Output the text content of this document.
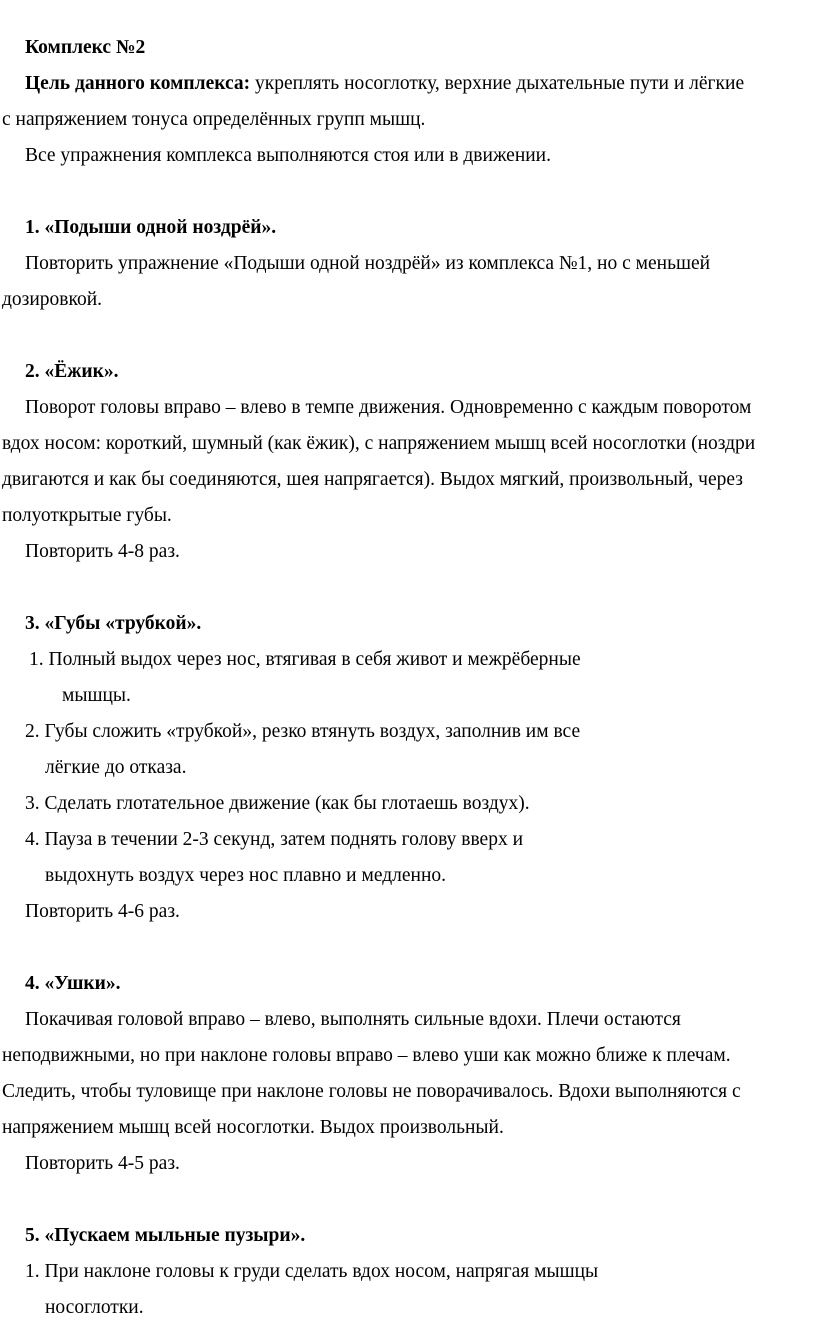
Комплекс №2

Цель данного комплекса: укреплять носоглотку, верхние дыхательные пути и лёгкие

с напряжением тонуса определённых групп мышц.

Все упражнения комплекса выполняются стоя или в движении.

1. «Подыши одной ноздрёй».

Повторить упражнение «Подыши одной ноздрёй» из комплекса №1, но с меньшей

дозировкой.

2. «Ёжик».

Поворот головы вправо – влево в темпе движения. Одновременно с каждым поворотом

вдох носом: короткий, шумный (как ёжик), с напряжением мышц всей носоглотки (ноздри

двигаются и как бы соединяются, шея напрягается). Выдох мягкий, произвольный, через

полуоткрытые губы.

Повторить 4-8 раз.

3. «Губы «трубкой».

1. Полный выдох через нос, втягивая в себя живот и межрёберные

мышцы.

2. Губы сложить «трубкой», резко втянуть воздух, заполнив им все

лёгкие до отказа.

3. Сделать глотательное движение (как бы глотаешь воздух).

4. Пауза в течении 2-3 секунд, затем поднять голову вверх и

выдохнуть воздух через нос плавно и медленно.

Повторить 4-6 раз.

4. «Ушки».

Покачивая головой вправо – влево, выполнять сильные вдохи. Плечи остаются

неподвижными, но при наклоне головы вправо – влево уши как можно ближе к плечам.

Следить, чтобы туловище при наклоне головы не поворачивалось. Вдохи выполняются с

напряжением мышц всей носоглотки. Выдох произвольный.

Повторить 4-5 раз.

5. «Пускаем мыльные пузыри».

1. При наклоне головы к груди сделать вдох носом, напрягая мышцы

носоглотки.
